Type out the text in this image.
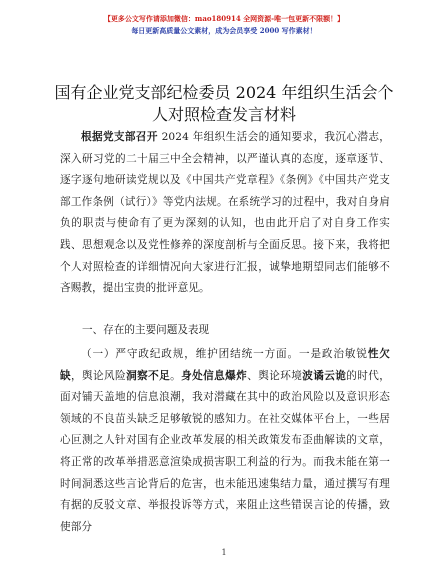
【更多公文写作请添加微信：mao180914 全网资源-唯一包更新不限额！】
每日更新高质量公文素材，成为会员享受 2000 写作素材！
国有企业党支部纪检委员 2024 年组织生活会个
人对照检查发言材料
根据党支部召开 2024 年组织生活会的通知要求，我沉心潜志，深入研习党的二十届三中全会精神，以严谨认真的态度，逐章逐节、逐字逐句地研读党规以及《中国共产党章程》《条例》《中国共产党支部工作条例（试行）》等党内法规。在系统学习的过程中，我对自身肩负的职责与使命有了更为深刻的认知，也由此开启了对自身工作实践、思想观念以及党性修养的深度剖析与全面反思。接下来，我将把个人对照检查的详细情况向大家进行汇报，诚挚地期望同志们能够不吝赐教，提出宝贵的批评意见。
一、存在的主要问题及表现
（一）严守政纪政规，维护团结统一方面。一是政治敏锐性欠缺，舆论风险洞察不足。身处信息爆炸、舆论环境波谲云诡的时代，面对铺天盖地的信息浪潮，我对潜藏在其中的政治风险以及意识形态领域的不良苗头缺乏足够敏锐的感知力。在社交媒体平台上，一些居心叵测之人针对国有企业改革发展的相关政策发布歪曲解读的文章，将正常的改革举措恶意渲染成损害职工利益的行为。而我未能在第一时间洞悉这些言论背后的危害，也未能迅速集结力量，通过撰写有理有据的反驳文章、举报投诉等方式，来阻止这些错误言论的传播，致使部分
1
